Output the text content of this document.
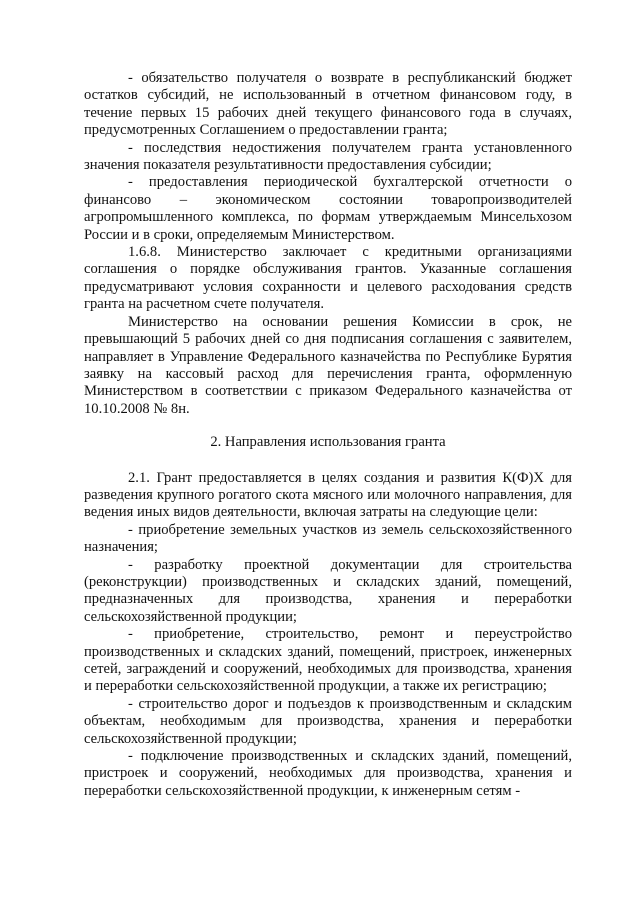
- обязательство получателя о возврате в республиканский бюджет остатков субсидий, не использованный в отчетном финансовом году, в течение первых 15 рабочих дней текущего финансового года в случаях, предусмотренных Соглашением о предоставлении гранта;

- последствия недостижения получателем гранта установленного значения показателя результативности предоставления субсидии;

- предоставления периодической бухгалтерской отчетности о финансово – экономическом состоянии товаропроизводителей агропромышленного комплекса, по формам утверждаемым Минсельхозом России и в сроки, определяемым Министерством.

1.6.8. Министерство заключает с кредитными организациями соглашения о порядке обслуживания грантов. Указанные соглашения предусматривают условия сохранности и целевого расходования средств гранта на расчетном счете получателя.

Министерство на основании решения Комиссии в срок, не превышающий 5 рабочих дней со дня подписания соглашения с заявителем, направляет в Управление Федерального казначейства по Республике Бурятия заявку на кассовый расход для перечисления гранта, оформленную Министерством в соответствии с приказом Федерального казначейства от 10.10.2008 № 8н.

2. Направления использования гранта

2.1. Грант предоставляется в целях создания и развития К(Ф)Х для разведения крупного рогатого скота мясного или молочного направления, для ведения иных видов деятельности, включая затраты на следующие цели:

- приобретение земельных участков из земель сельскохозяйственного назначения;

- разработку проектной документации для строительства (реконструкции) производственных и складских зданий, помещений, предназначенных для производства, хранения и переработки сельскохозяйственной продукции;

- приобретение, строительство, ремонт и переустройство производственных и складских зданий, помещений, пристроек, инженерных сетей, заграждений и сооружений, необходимых для производства, хранения и переработки сельскохозяйственной продукции, а также их регистрацию;

- строительство дорог и подъездов к производственным и складским объектам, необходимым для производства, хранения и переработки сельскохозяйственной продукции;

- подключение производственных и складских зданий, помещений, пристроек и сооружений, необходимых для производства, хранения и переработки сельскохозяйственной продукции, к инженерным сетям -
